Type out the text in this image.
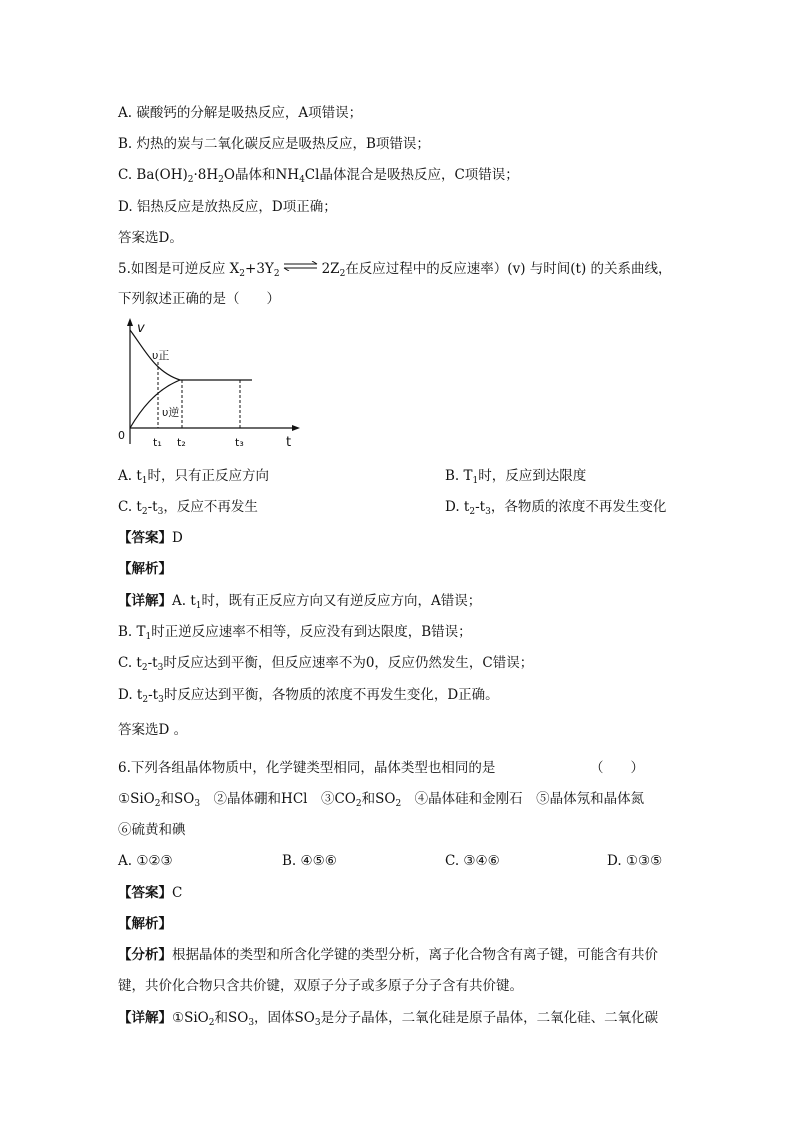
A. 碳酸钙的分解是吸热反应，A项错误；
B. 灼热的炭与二氧化碳反应是吸热反应，B项错误；
C. $Ba(OH)_2\cdot 8H_2O$晶体和$NH_4Cl$晶体混合是吸热反应，C项错误；
D. 铝热反应是放热反应，D项正确；
答案选D。
5.如图是可逆反应 $X_2+3Y_2$ ⇌ $2Z_2$在反应过程中的反应速率）(v) 与时间(t) 的关系曲线，
下列叙述正确的是（　　）
v
t
0
υ正
υ逆
t₁ t₂	t₃
A. $t_1$时，只有正反应方向	B. $T_1$时，反应到达限度
C. $t_2-t_3$，反应不再发生	D. $t_2-t_3$，各物质的浓度不再发生变化
【答案】D
【解析】
【详解】A. $t_1$时，既有正反应方向又有逆反应方向，A错误；
B. $T_1$时正逆反应速率不相等，反应没有到达限度，B错误；
C. $t_2-t_3$时反应达到平衡，但反应速率不为0，反应仍然发生，C错误；
D. $t_2-t_3$时反应达到平衡，各物质的浓度不再发生变化，D正确。
答案选D 。
6.下列各组晶体物质中，化学键类型相同，晶体类型也相同的是	（　　）
①SiO$_2$和$SO_3$　②晶体硼和HCl　$③CO_2$和$SO_2$　④晶体硅和金刚石　⑤晶体氖和晶体氮
⑥硫黄和碘
A. ①②③	B. ④⑤⑥	C. ③④⑥	D. ①③⑤
【答案】C
【解析】
【分析】根据晶体的类型和所含化学键的类型分析，离子化合物含有离子键，可能含有共价
键，共价化合物只含共价键，双原子分子或多原子分子含有共价键。
【详解】①SiO$_2$和$SO_3$，固体$SO_3$是分子晶体，二氧化硅是原子晶体，二氧化硅、二氧化碳
